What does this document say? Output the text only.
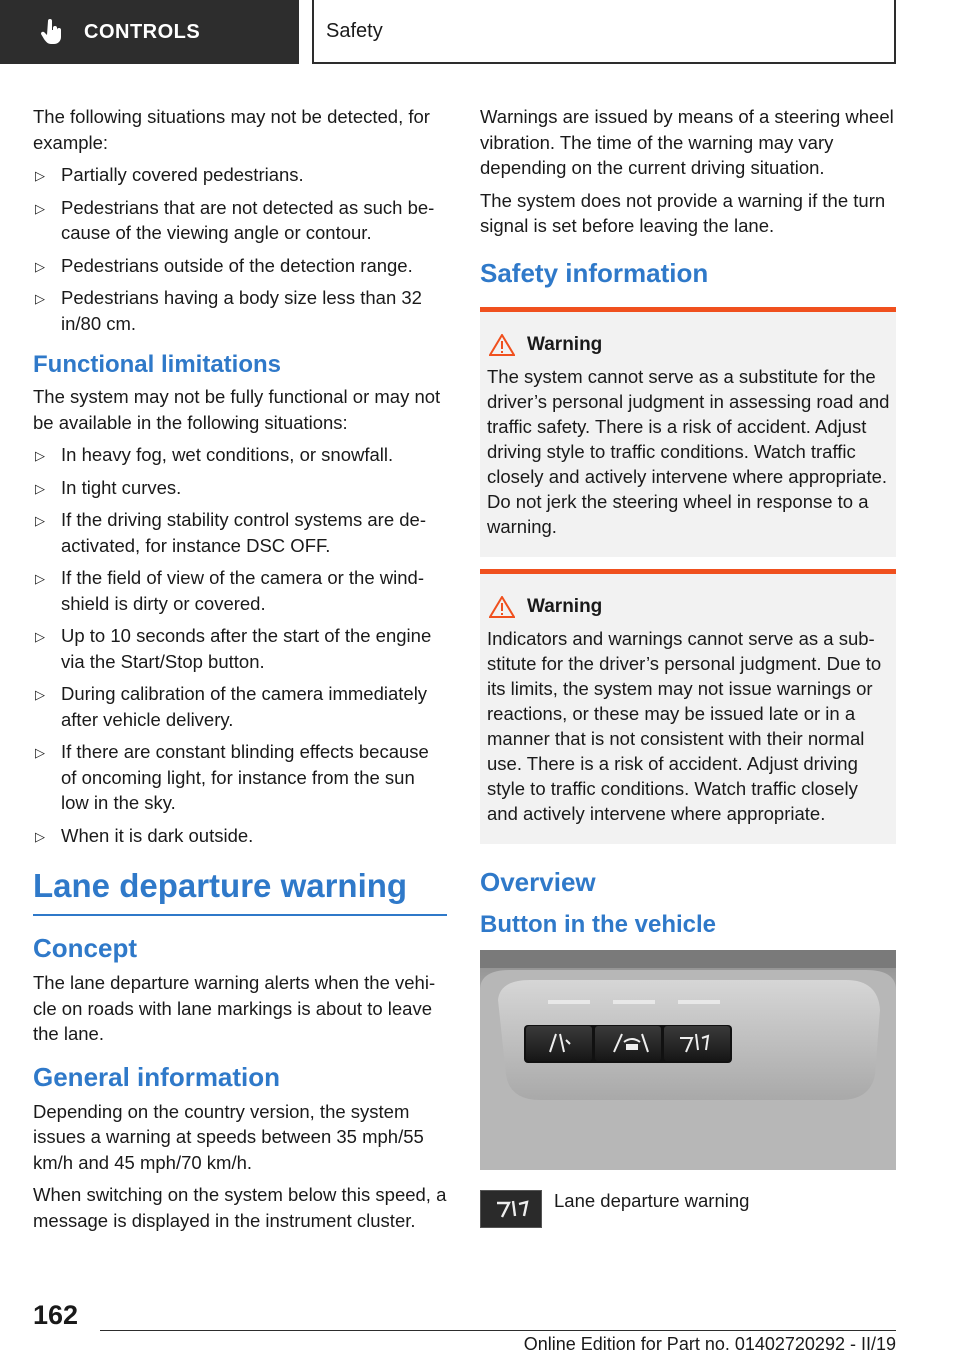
CONTROLS	Safety

The following situations may not be detected, for example:

▷ Partially covered pedestrians.
▷ Pedestrians that are not detected as such because of the viewing angle or contour.
▷ Pedestrians outside of the detection range.
▷ Pedestrians having a body size less than 32 in/80 cm.
Functional limitations

The system may not be fully functional or may not be available in the following situations:

▷ In heavy fog, wet conditions, or snowfall.
▷ In tight curves.
▷ If the driving stability control systems are deactivated, for instance DSC OFF.
▷ If the field of view of the camera or the windshield is dirty or covered.
▷ Up to 10 seconds after the start of the engine via the Start/Stop button.
▷ During calibration of the camera immediately after vehicle delivery.
▷ If there are constant blinding effects because of oncoming light, for instance from the sun low in the sky.
▷ When it is dark outside.
Lane departure warning
Concept

The lane departure warning alerts when the vehicle on roads with lane markings is about to leave the lane.

General information

Depending on the country version, the system issues a warning at speeds between 35 mph/55 km/h and 45 mph/70 km/h.

When switching on the system below this speed, a message is displayed in the instrument cluster.

Warnings are issued by means of a steering wheel vibration. The time of the warning may vary depending on the current driving situation.

The system does not provide a warning if the turn signal is set before leaving the lane.

Safety information
Warning

The system cannot serve as a substitute for the driver’s personal judgment in assessing road and traffic safety. There is a risk of accident. Adjust driving style to traffic conditions. Watch traffic closely and actively intervene where appropriate. Do not jerk the steering wheel in response to a warning.

Warning

Indicators and warnings cannot serve as a substitute for the driver’s personal judgment. Due to its limits, the system may not issue warnings or reactions, or these may be issued late or in a manner that is not consistent with their normal use. There is a risk of accident. Adjust driving style to traffic conditions. Watch traffic closely and actively intervene where appropriate.

Overview
Button in the vehicle
Lane departure warning
162
Online Edition for Part no. 01402720292 - II/19
